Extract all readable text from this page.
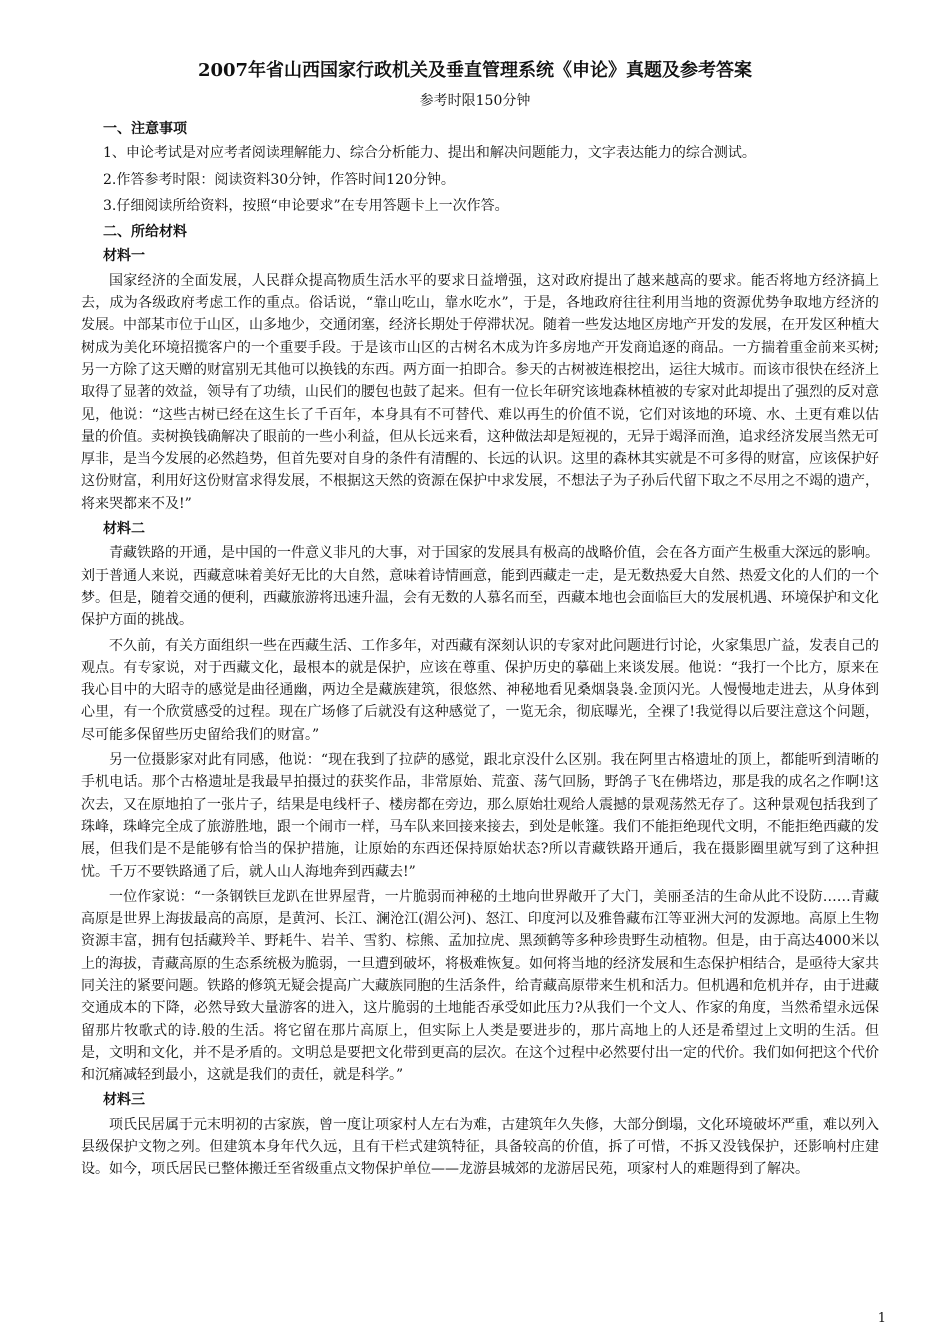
2007年省山西国家行政机关及垂直管理系统《申论》真题及参考答案
参考时限150分钟

一、注意事项

1、申论考试是对应考者阅读理解能力、综合分析能力、提出和解决问题能力，文字表达能力的综合测试。

2.作答参考时限：阅读资料30分钟，作答时间120分钟。

3.仔细阅读所给资料，按照“申论要求”在专用答题卡上一次作答。

二、所给材料

材料一

国家经济的全面发展，人民群众提高物质生活水平的要求日益增强，这对政府提出了越来越高的要求。能否将地方经济搞上去，成为各级政府考虑工作的重点。俗话说，“靠山吃山，靠水吃水”，于是，各地政府往往利用当地的资源优势争取地方经济的发展。中部某市位于山区，山多地少，交通闭塞，经济长期处于停滞状况。随着一些发达地区房地产开发的发展，在开发区种植大树成为美化环境招揽客户的一个重要手段。于是该市山区的古树名木成为许多房地产开发商追逐的商品。一方揣着重金前来买树;另一方除了这天赠的财富别无其他可以换钱的东西。两方面一拍即合。参天的古树被连根挖出，运往大城市。而该市很快在经济上取得了显著的效益，领导有了功绩，山民们的腰包也鼓了起来。但有一位长年研究该地森林植被的专家对此却提出了强烈的反对意见，他说：“这些古树已经在这生长了千百年，本身具有不可替代、难以再生的价值不说，它们对该地的环境、水、土更有难以估量的价值。卖树换钱确解决了眼前的一些小利益，但从长远来看，这种做法却是短视的，无异于竭泽而渔，追求经济发展当然无可厚非，是当今发展的必然趋势，但首先要对自身的条件有清醒的、长远的认识。这里的森林其实就是不可多得的财富，应该保护好这份财富，利用好这份财富求得发展，不根据这天然的资源在保护中求发展，不想法子为子孙后代留下取之不尽用之不竭的遗产，将来哭都来不及!”

材料二

青藏铁路的开通，是中国的一件意义非凡的大事，对于国家的发展具有极高的战略价值，会在各方面产生极重大深远的影响。刘于普通人来说，西藏意味着美好无比的大自然，意味着诗情画意，能到西藏走一走，是无数热爱大自然、热爱文化的人们的一个梦。但是，随着交通的便利，西藏旅游将迅速升温，会有无数的人慕名而至，西藏本地也会面临巨大的发展机遇、环境保护和文化保护方面的挑战。

不久前，有关方面组织一些在西藏生活、工作多年，对西藏有深刻认识的专家对此问题进行讨论，火家集思广益，发表自己的观点。有专家说，对于西藏文化，最根本的就是保护，应该在尊重、保护历史的摹础上来谈发展。他说：“我打一个比方，原来在我心目中的大昭寺的感觉是曲径通幽，两边全是藏族建筑，很悠然、神秘地看见桑烟袅袅.金顶闪光。人慢慢地走进去，从身体到心里，有一个欣赏感受的过程。现在广场修了后就没有这种感觉了，一览无余，彻底曝光，全裸了!我觉得以后要注意这个问题，尽可能多保留些历史留给我们的财富。”

另一位摄影家对此有同感，他说：“现在我到了拉萨的感觉，跟北京没什么区别。我在阿里古格遗址的顶上，都能听到清晰的手机电话。那个古格遗址是我最早拍摄过的获奖作品，非常原始、荒蛮、荡气回肠，野鸽子飞在佛塔边，那是我的成名之作啊!这次去，又在原地拍了一张片子，结果是电线杆子、楼房都在旁边，那么原始壮观给人震撼的景观荡然无存了。这种景观包括我到了珠峰，珠峰完全成了旅游胜地，跟一个闹市一样，马车队来回接来接去，到处是帐篷。我们不能拒绝现代文明，不能拒绝西藏的发展，但我们是不是能够有恰当的保护措施，让原始的东西还保持原始状态?所以青藏铁路开通后，我在摄影圈里就写到了这种担忧。千万不要铁路通了后，就人山人海地奔到西藏去!”

一位作家说：“一条钢铁巨龙趴在世界屋背，一片脆弱而神秘的土地向世界敞开了大门，美丽圣洁的生命从此不设防……青藏高原是世界上海拔最高的高原，是黄河、长江、澜沧江(湄公河)、怒江、印度河以及雅鲁藏布江等亚洲大河的发源地。高原上生物资源丰富，拥有包括藏羚羊、野耗牛、岩羊、雪豹、棕熊、孟加拉虎、黑颈鹤等多种珍贵野生动植物。但是，由于高达4000米以上的海拔，青藏高原的生态系统极为脆弱，一旦遭到破坏，将极难恢复。如何将当地的经济发展和生态保护相结合，是亟待大家共同关注的紧要问题。铁路的修筑无疑会提高广大藏族同胞的生活条件，给青藏高原带来生机和活力。但机遇和危机并存，由于进藏交通成本的下降，必然导致大量游客的进入，这片脆弱的土地能否承受如此压力?从我们一个文人、作家的角度，当然希望永远保留那片牧歌式的诗.般的生活。将它留在那片高原上，但实际上人类是要进步的，那片高地上的人还是希望过上文明的生活。但是，文明和文化，并不是矛盾的。文明总是要把文化带到更高的层次。在这个过程中必然要付出一定的代价。我们如何把这个代价和沉痛减轻到最小，这就是我们的责任，就是科学。”

材料三

项氏民居属于元末明初的古家族，曾一度让项家村人左右为难，古建筑年久失修，大部分倒塌，文化环境破坏严重，难以列入县级保护文物之列。但建筑本身年代久远，且有干栏式建筑特征，具备较高的价值，拆了可惜，不拆又没钱保护，还影响村庄建设。如今，项氏居民已整体搬迁至省级重点文物保护单位——龙游县城郊的龙游居民苑，项家村人的难题得到了解决。

1
